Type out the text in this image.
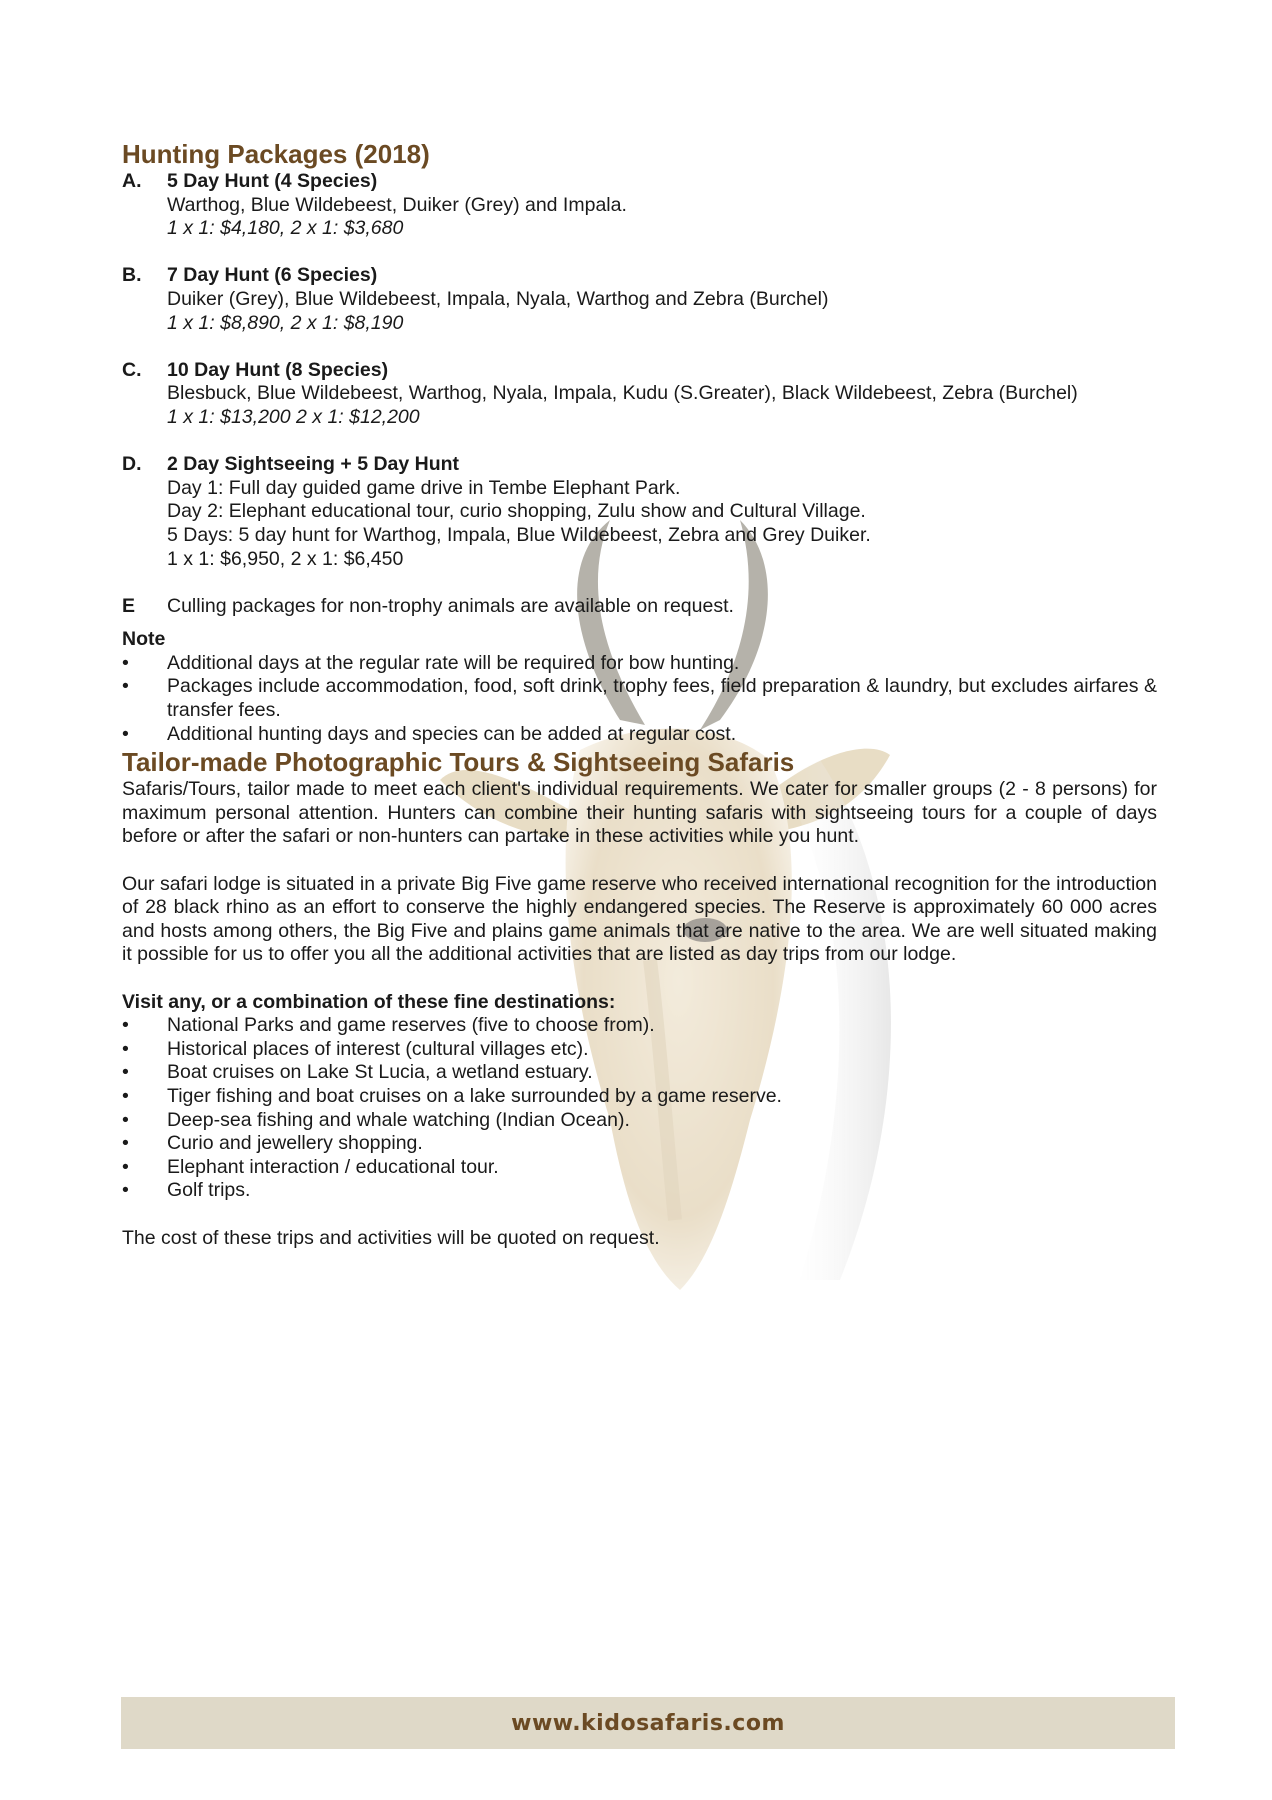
Hunting Packages (2018)
A.	5 Day Hunt (4 Species)
Warthog, Blue Wildebeest, Duiker (Grey) and Impala.
1 x 1: $4,180, 2 x 1: $3,680
B.	7 Day Hunt (6 Species)
Duiker (Grey), Blue Wildebeest, Impala, Nyala, Warthog and Zebra (Burchel)
1 x 1: $8,890, 2 x 1: $8,190
C.	10 Day Hunt (8 Species)
Blesbuck, Blue Wildebeest, Warthog, Nyala, Impala, Kudu (S.Greater), Black Wildebeest, Zebra (Burchel)
1 x 1: $13,200 2 x 1: $12,200
D.	2 Day Sightseeing + 5 Day Hunt
Day 1: Full day guided game drive in Tembe Elephant Park.
Day 2: Elephant educational tour, curio shopping, Zulu show and Cultural Village.
5 Days: 5 day hunt for Warthog, Impala, Blue Wildebeest, Zebra and Grey Duiker.
1 x 1: $6,950, 2 x 1: $6,450
E	Culling packages for non-trophy animals are available on request.
Note
•	Additional days at the regular rate will be required for bow hunting.
•	Packages include accommodation, food, soft drink, trophy fees, field preparation & laundry, but excludes airfares & transfer fees.
•	Additional hunting days and species can be added at regular cost.
Tailor-made Photographic Tours & Sightseeing Safaris

Safaris/Tours, tailor made to meet each client's individual requirements. We cater for smaller groups (2 - 8 persons) for maximum personal attention. Hunters can combine their hunting safaris with sightseeing tours for a couple of days before or after the safari or non-hunters can partake in these activities while you hunt.

Our safari lodge is situated in a private Big Five game reserve who received international recognition for the introduction of 28 black rhino as an effort to conserve the highly endangered species. The Reserve is approximately 60 000 acres and hosts among others, the Big Five and plains game animals that are native to the area. We are well situated making it possible for us to offer you all the additional activities that are listed as day trips from our lodge.

Visit any, or a combination of these fine destinations:
•	National Parks and game reserves (five to choose from).
•	Historical places of interest (cultural villages etc).
•	Boat cruises on Lake St Lucia, a wetland estuary.
•	Tiger fishing and boat cruises on a lake surrounded by a game reserve.
•	Deep-sea fishing and whale watching (Indian Ocean).
•	Curio and jewellery shopping.
•	Elephant interaction / educational tour.
•	Golf trips.

The cost of these trips and activities will be quoted on request.

www.kidosafaris.com
